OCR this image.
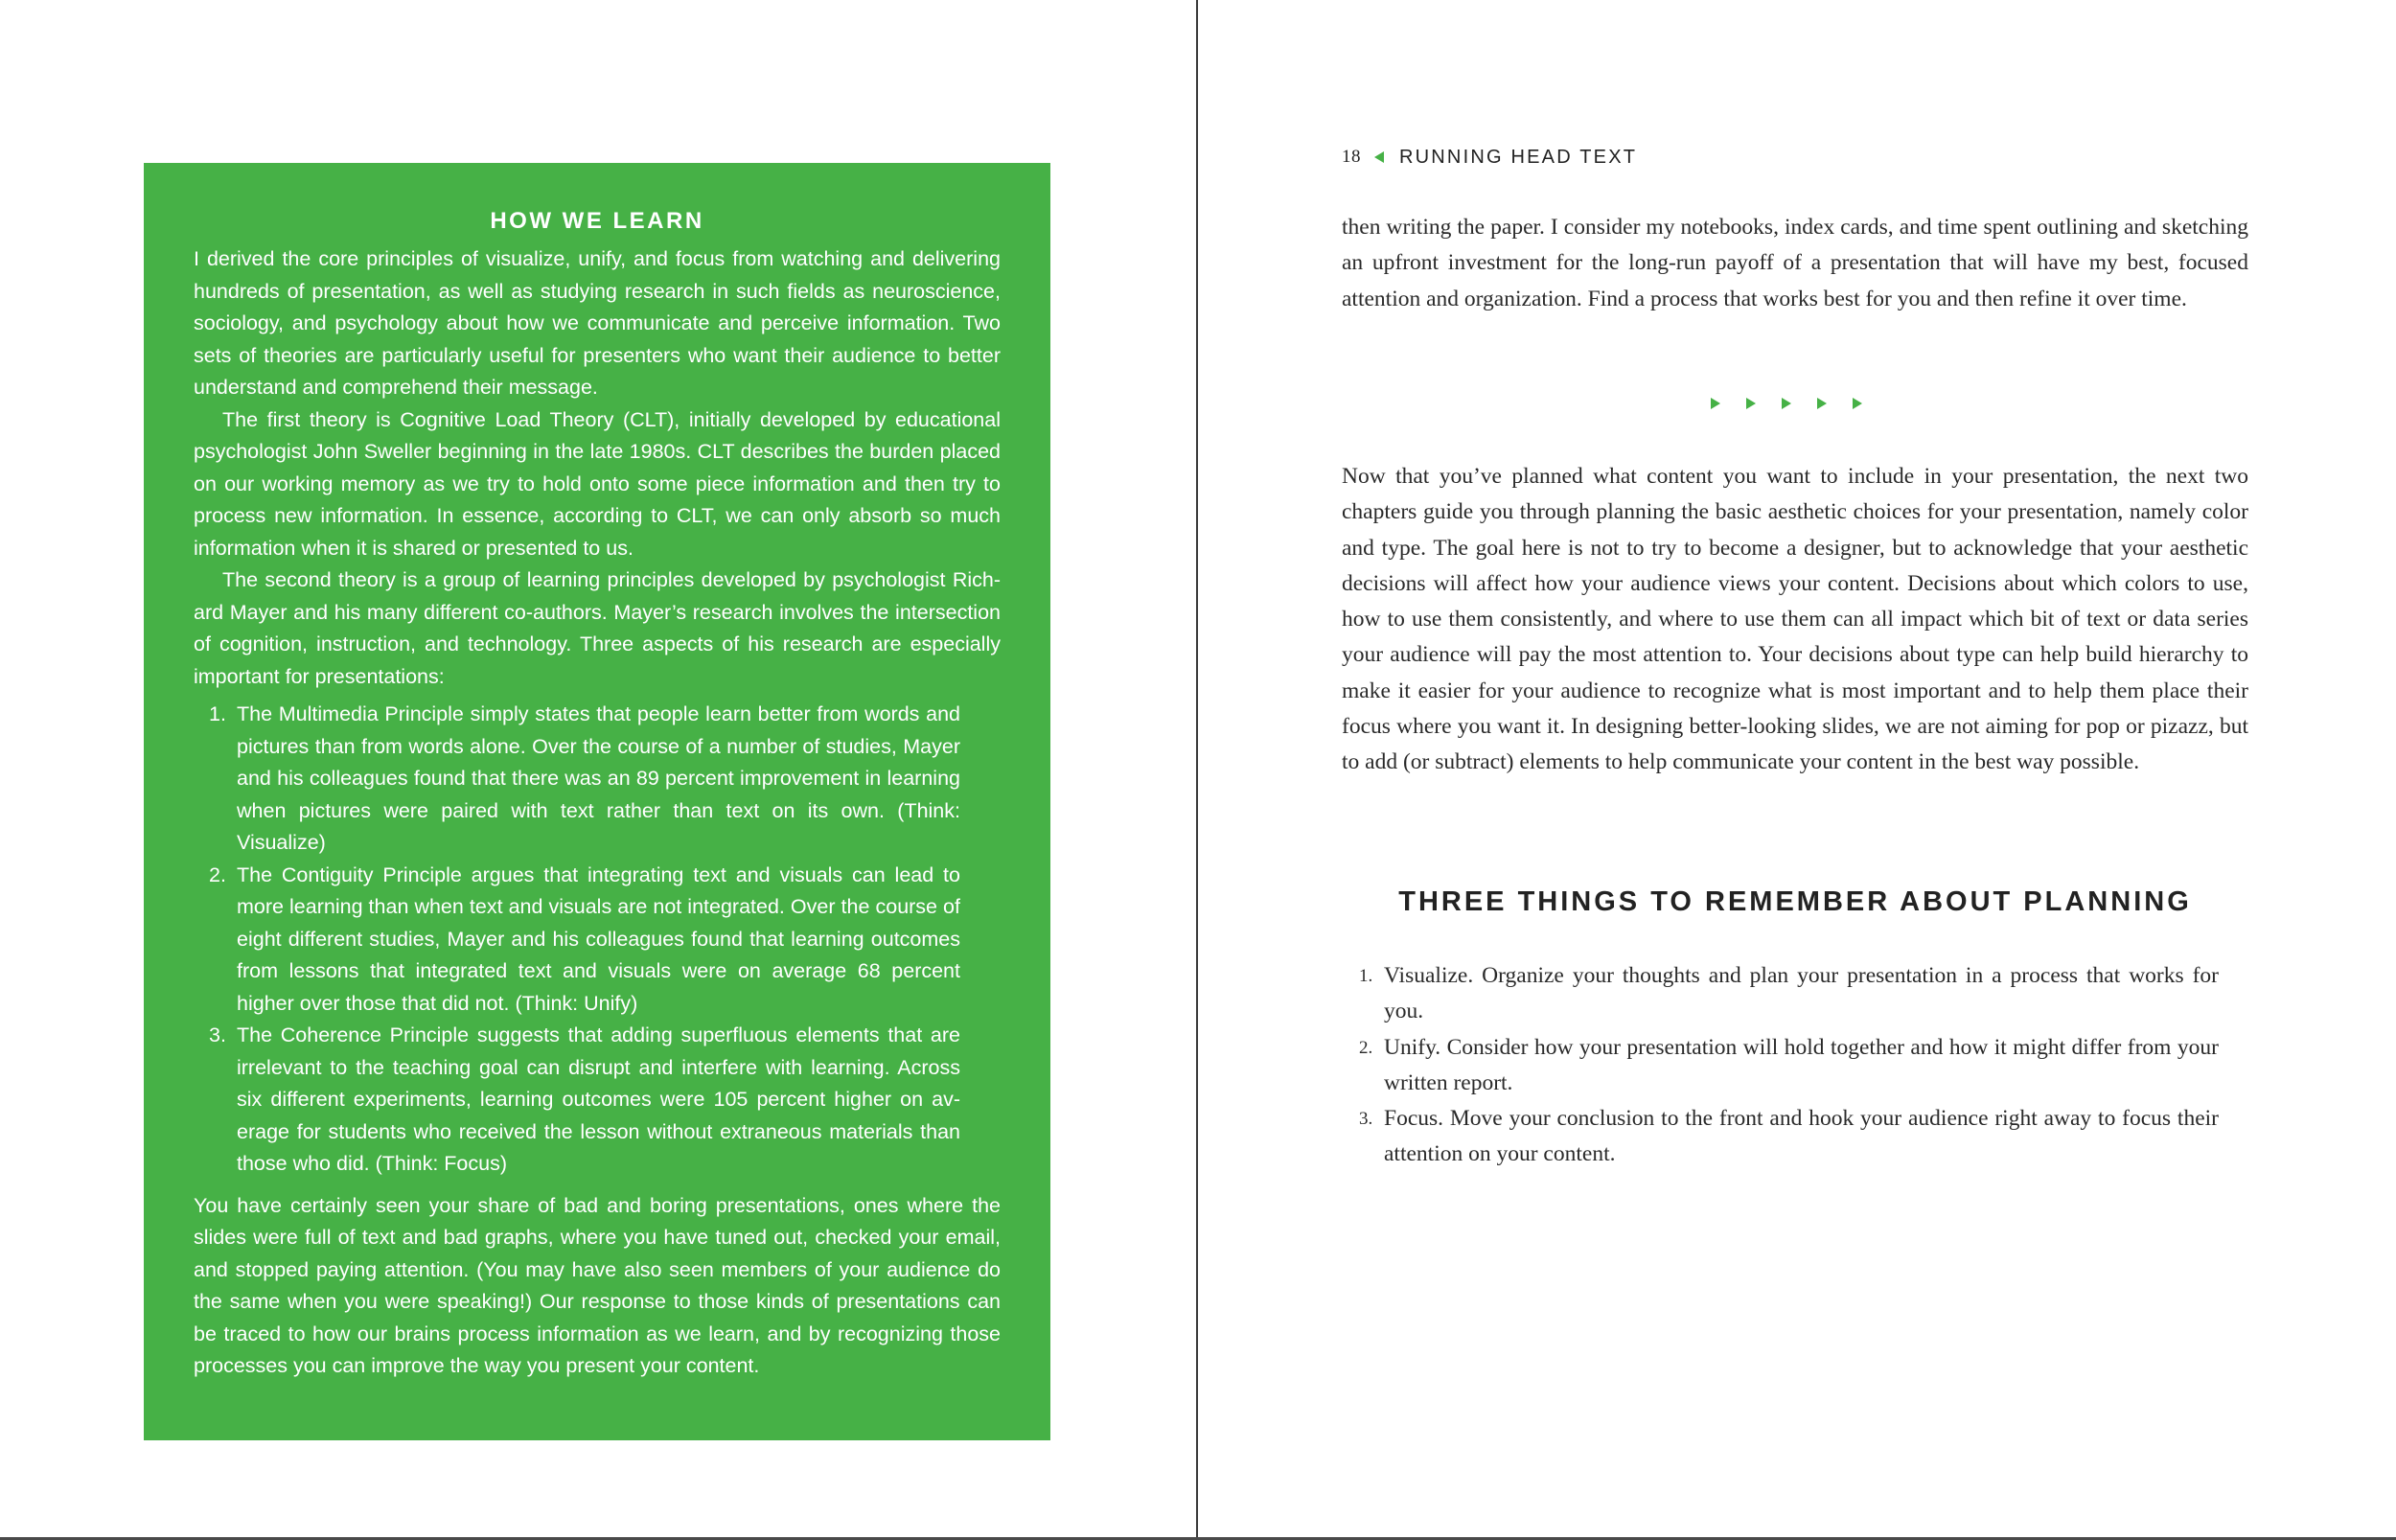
HOW WE LEARN

I derived the core principles of visualize, unify, and focus from watching and delivering hundreds of presentation, as well as studying research in such fields as neuroscience, sociology, and psychology about how we communicate and perceive information. Two sets of theories are particularly useful for presenters who want their audience to better understand and comprehend their message.

The first theory is Cognitive Load Theory (CLT), initially developed by educational psychologist John Sweller beginning in the late 1980s. CLT describes the burden placed on our working memory as we try to hold onto some piece information and then try to process new information. In essence, according to CLT, we can only absorb so much information when it is shared or presented to us.

The second theory is a group of learning principles developed by psychologist Richard Mayer and his many different co-authors. Mayer’s research involves the intersection of cognition, instruction, and technology. Three aspects of his research are especially important for presentations:

1. The Multimedia Principle simply states that people learn better from words and pictures than from words alone. Over the course of a number of studies, Mayer and his colleagues found that there was an 89 percent improvement in learning when pictures were paired with text rather than text on its own. (Think: Visualize)
2. The Contiguity Principle argues that integrating text and visuals can lead to more learning than when text and visuals are not integrated. Over the course of eight different studies, Mayer and his colleagues found that learning outcomes from lessons that integrated text and visuals were on average 68 percent higher over those that did not. (Think: Unify)
3. The Coherence Principle suggests that adding superfluous elements that are irrelevant to the teaching goal can disrupt and interfere with learning. Across six different experiments, learning outcomes were 105 percent higher on average for students who received the lesson without extraneous materials than those who did. (Think: Focus)

You have certainly seen your share of bad and boring presentations, ones where the slides were full of text and bad graphs, where you have tuned out, checked your email, and stopped paying attention. (You may have also seen members of your audience do the same when you were speaking!) Our response to those kinds of presentations can be traced to how our brains process information as we learn, and by recognizing those processes you can improve the way you present your content.

18 RUNNING HEAD TEXT

then writing the paper. I consider my notebooks, index cards, and time spent outlining and sketching an upfront investment for the long-run payoff of a presentation that will have my best, focused attention and organization. Find a process that works best for you and then refine it over time.

Now that you’ve planned what content you want to include in your presentation, the next two chapters guide you through planning the basic aesthetic choices for your presentation, namely color and type. The goal here is not to try to become a designer, but to acknowledge that your aesthetic decisions will affect how your audience views your content. Decisions about which colors to use, how to use them consistently, and where to use them can all impact which bit of text or data series your audience will pay the most attention to. Your decisions about type can help build hierarchy to make it easier for your audience to recognize what is most important and to help them place their focus where you want it. In designing better-looking slides, we are not aiming for pop or pizazz, but to add (or subtract) elements to help communicate your content in the best way possible.

THREE THINGS TO REMEMBER ABOUT PLANNING
1. Visualize. Organize your thoughts and plan your presentation in a process that works for you.
2. Unify. Consider how your presentation will hold together and how it might differ from your written report.
3. Focus. Move your conclusion to the front and hook your audience right away to focus their attention on your content.
